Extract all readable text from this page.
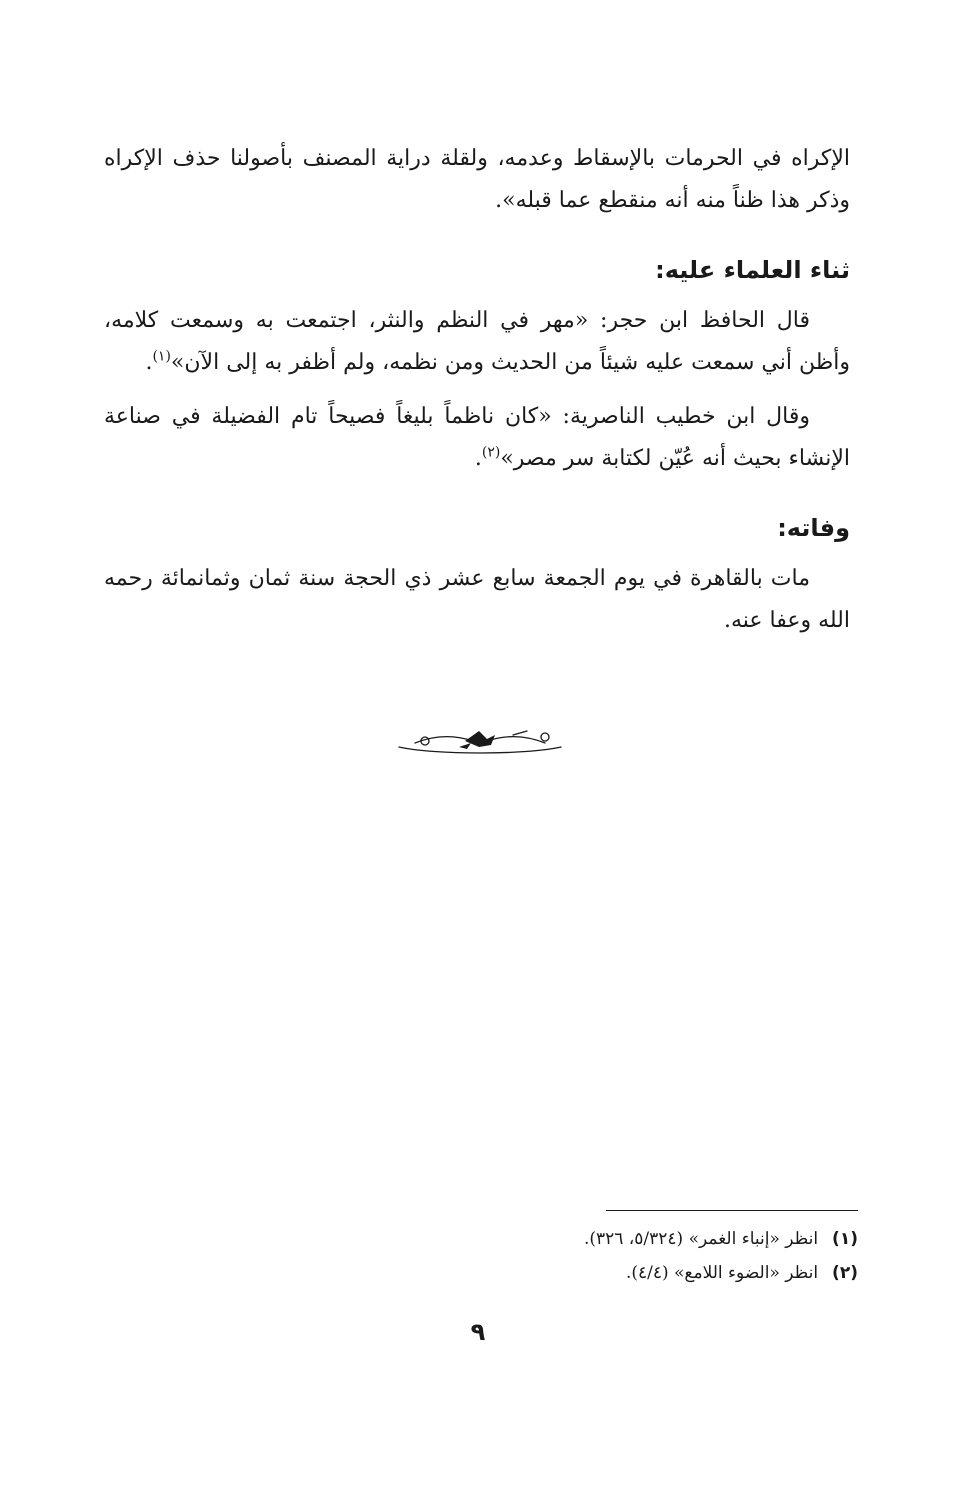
الإكراه في الحرمات بالإسقاط وعدمه، ولقلة دراية المصنف بأصولنا حذف الإكراه وذكر هذا ظناً منه أنه منقطع عما قبله».

ثناء العلماء عليه:

قال الحافظ ابن حجر: «مهر في النظم والنثر، اجتمعت به وسمعت كلامه، وأظن أني سمعت عليه شيئاً من الحديث ومن نظمه، ولم أظفر به إلى الآن»$^{(١)}$.

وقال ابن خطيب الناصرية: «كان ناظماً بليغاً فصيحاً تام الفضيلة في صناعة الإنشاء بحيث أنه عُيّن لكتابة سر مصر»$^{(٢)}$.

وفاته:

مات بالقاهرة في يوم الجمعة سابع عشر ذي الحجة سنة ثمان وثمانمائة رحمه الله وعفا عنه.

(١)انظر «إنباء الغمر» (٥/٣٢٤، ٣٢٦).

(٢)انظر «الضوء اللامع» (٤/٤).

٩
